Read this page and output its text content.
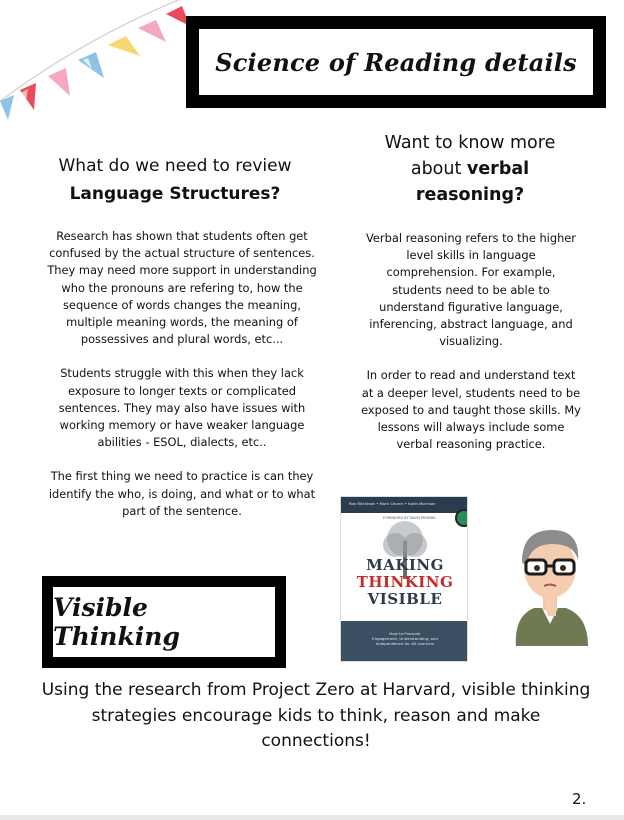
Science of Reading details
What do we need to review
Language Structures?

Research has shown that students often get confused by the actual structure of sentences. They may need more support in understanding who the pronouns are refering to, how the sequence of words changes the meaning, multiple meaning words, the meaning of possessives and plural words, etc...

Students struggle with this when they lack exposure to longer texts or complicated sentences. They may also have issues with working memory or have weaker language abilities - ESOL, dialects, etc..

The first thing we need to practice is can they identify the who, is doing, and what or to what part of the sentence.

Want to know more
about verbal reasoning?

Verbal reasoning refers to the higher level skills in language comprehension. For example, students need to be able to understand figurative language, inferencing, abstract language, and visualizing.

In order to read and understand text at a deeper level, students need to be exposed to and taught those skills. My lessons will always include some verbal reasoning practice.

Ron Ritchhart • Mark Church • Karin Morrison
FOREWORD BY DAVID PERKINS
MAKING
THINKING
VISIBLE
How to Promote
Engagement, Understanding, and
Independence for All Learners
Visible Thinking
Using the research from Project Zero at Harvard, visible thinking strategies encourage kids to think, reason and make connections!
2.
